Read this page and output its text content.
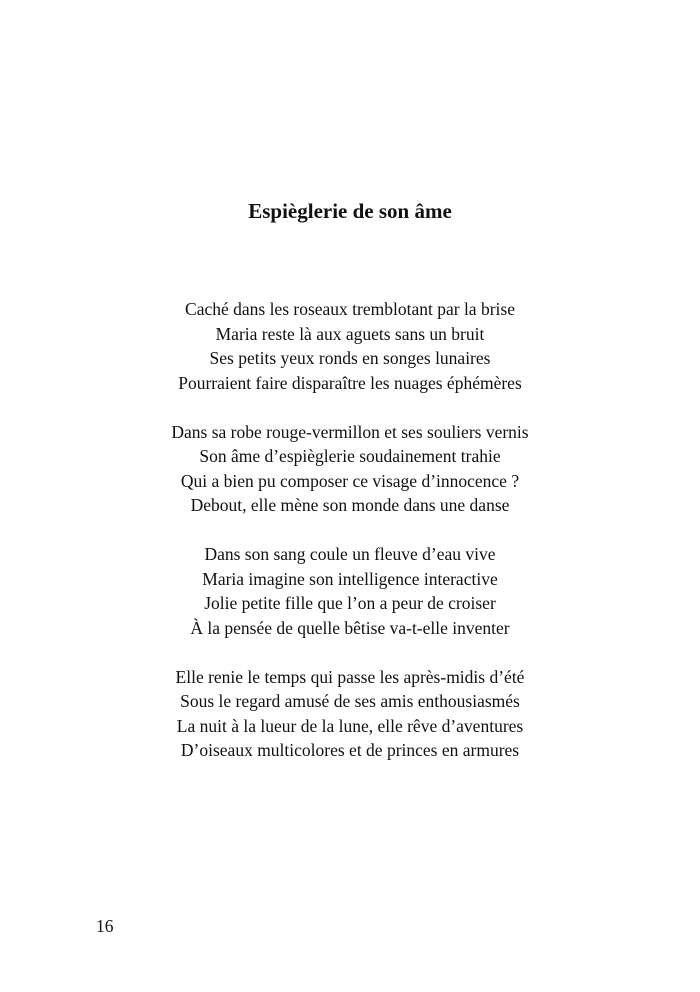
Espièglerie de son âme
Caché dans les roseaux tremblotant par la brise
Maria reste là aux aguets sans un bruit
Ses petits yeux ronds en songes lunaires
Pourraient faire disparaître les nuages éphémères
Dans sa robe rouge-vermillon et ses souliers vernis
Son âme d’espièglerie soudainement trahie
Qui a bien pu composer ce visage d’innocence ?
Debout, elle mène son monde dans une danse
Dans son sang coule un fleuve d’eau vive
Maria imagine son intelligence interactive
Jolie petite fille que l’on a peur de croiser
À la pensée de quelle bêtise va-t-elle inventer
Elle renie le temps qui passe les après-midis d’été
Sous le regard amusé de ses amis enthousiasmés
La nuit à la lueur de la lune, elle rêve d’aventures
D’oiseaux multicolores et de princes en armures
16
